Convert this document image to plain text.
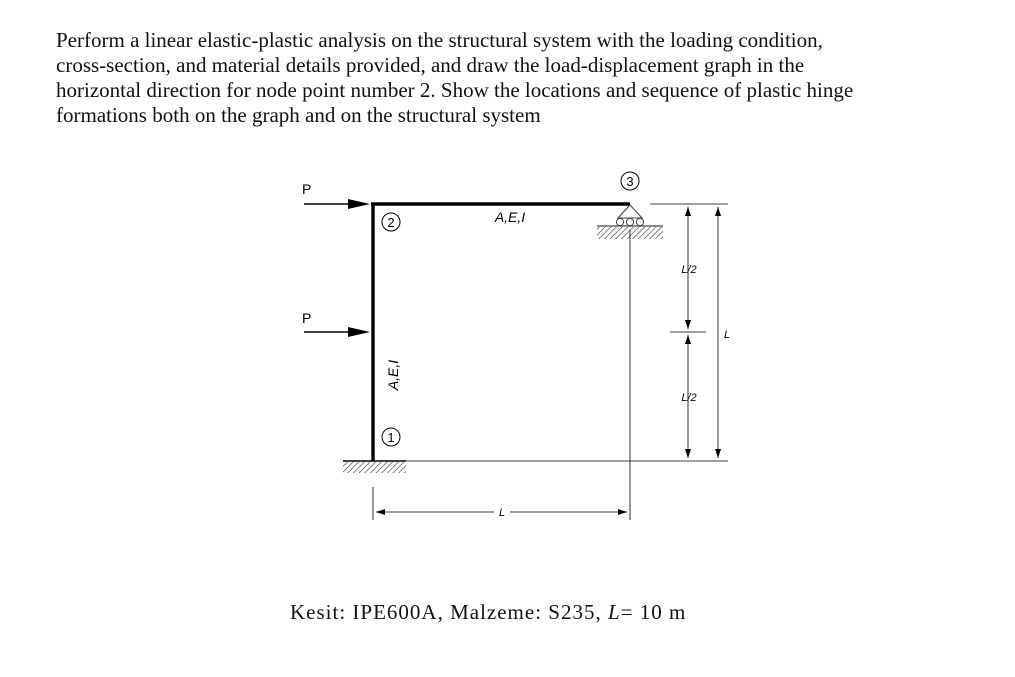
Perform a linear elastic-plastic analysis on the structural system with the loading condition,
cross-section, and material details provided, and draw the load-displacement graph in the
horizontal direction for node point number 2. Show the locations and sequence of plastic hinge
formations both on the graph and on the structural system
P
P
1
2
3
A,E,I
A,E,I
L/2
L/2
L
L
Kesit: IPE600A, Malzeme: S235, L= 10 m
